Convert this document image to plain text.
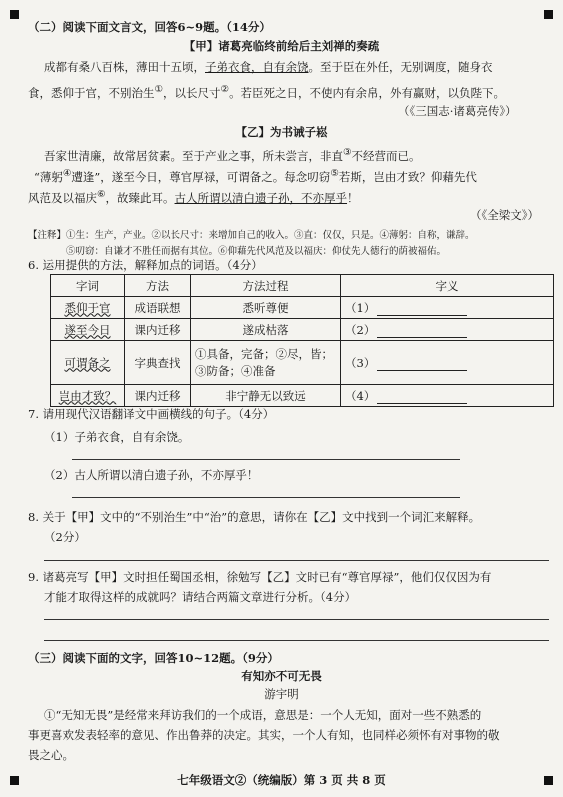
（二）阅读下面文言文，回答6~9题。（14分）
【甲】诸葛亮临终前给后主刘禅的奏疏
成都有桑八百株，薄田十五顷，子弟衣食，自有余饶。至于臣在外任，无别调度，随身衣
食，悉仰于官，不别治生①，以长尺寸②。若臣死之日，不使内有余帛，外有赢财，以负陛下。
（《三国志·诸葛亮传》）
【乙】为书诫子崧
吾家世清廉，故常居贫素。至于产业之事，所未尝言，非直③不经营而已。
“薄躬④遭逢”，遂至今日，尊官厚禄，可谓备之。每念叨窃⑤若斯，岂由才致？仰藉先代
风范及以福庆⑥，故臻此耳。古人所谓以清白遗子孙，不亦厚乎！
（《全梁文》）
【注释】①生：生产，产业。②以长尺寸：来增加自己的收入。③直：仅仅，只是。④薄躬：自称，谦辞。
⑤叨窃：自谦才不胜任而据有其位。⑥仰藉先代风范及以福庆：仰仗先人德行的荫被福佑。
6. 运用提供的方法，解释加点的词语。（4分）
字词	方法	方法过程	字义
悉仰于官	成语联想	悉听尊便	（1）
遂至今日	课内迁移	遂成枯落	（2）
可谓备之	字典查找	①具备，完备；②尽，皆；
③防备；④准备	（3）
岂由才致？	课内迁移	非宁静无以致远	（4）
7. 请用现代汉语翻译文中画横线的句子。（4分）
（1）子弟衣食，自有余饶。
（2）古人所谓以清白遗子孙，不亦厚乎！
8. 关于【甲】文中的“不别治生”中“治”的意思，请你在【乙】文中找到一个词汇来解释。
（2分）
9. 诸葛亮写【甲】文时担任蜀国丞相，徐勉写【乙】文时已有“尊官厚禄”，他们仅仅因为有
才能才取得这样的成就吗？请结合两篇文章进行分析。（4分）
（三）阅读下面的文字，回答10~12题。（9分）
有知亦不可无畏
游宇明
①“无知无畏”是经常来拜访我们的一个成语，意思是：一个人无知，面对一些不熟悉的
事更喜欢发表轻率的意见、作出鲁莽的决定。其实，一个人有知，也同样必须怀有对事物的敬
畏之心。
七年级语文②（统编版）第 3 页 共 8 页
